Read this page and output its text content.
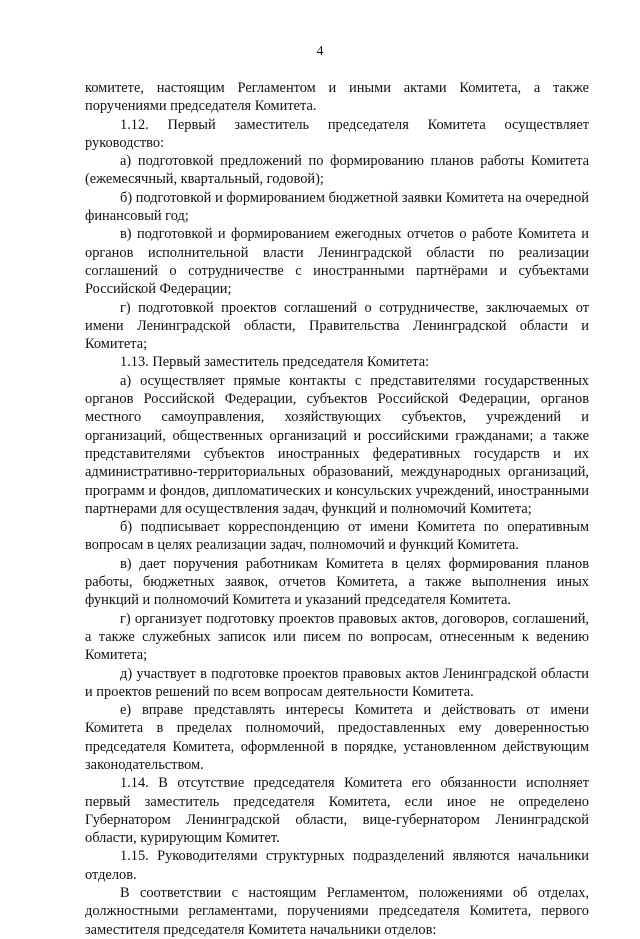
4

комитете, настоящим Регламентом и иными актами Комитета, а также поручениями председателя Комитета.

1.12. Первый заместитель председателя Комитета осуществляет руководство:

а) подготовкой предложений по формированию планов работы Комитета (ежемесячный, квартальный, годовой);

б) подготовкой и формированием бюджетной заявки Комитета на очередной финансовый год;

в) подготовкой и формированием ежегодных отчетов о работе Комитета и органов исполнительной власти Ленинградской области по реализации соглашений о сотрудничестве с иностранными партнёрами и субъектами Российской Федерации;

г) подготовкой проектов соглашений о сотрудничестве, заключаемых от имени Ленинградской области, Правительства Ленинградской области и Комитета;

1.13. Первый заместитель председателя Комитета:

а) осуществляет прямые контакты с представителями государственных органов Российской Федерации, субъектов Российской Федерации, органов местного самоуправления, хозяйствующих субъектов, учреждений и организаций, общественных организаций и российскими гражданами; а также представителями субъектов иностранных федеративных государств и их административно-территориальных образований, международных организаций, программ и фондов, дипломатических и консульских учреждений, иностранными партнерами для осуществления задач, функций и полномочий Комитета;

б) подписывает корреспонденцию от имени Комитета по оперативным вопросам в целях реализации задач, полномочий и функций Комитета.

в) дает поручения работникам Комитета в целях формирования планов работы, бюджетных заявок, отчетов Комитета, а также выполнения иных функций и полномочий Комитета и указаний председателя Комитета.

г) организует подготовку проектов правовых актов, договоров, соглашений, а также служебных записок или писем по вопросам, отнесенным к ведению Комитета;

д) участвует в подготовке проектов правовых актов Ленинградской области и проектов решений по всем вопросам деятельности Комитета.

е) вправе представлять интересы Комитета и действовать от имени Комитета в пределах полномочий, предоставленных ему доверенностью председателя Комитета, оформленной в порядке, установленном действующим законодательством.

1.14. В отсутствие председателя Комитета его обязанности исполняет первый заместитель председателя Комитета, если иное не определено Губернатором Ленинградской области, вице-губернатором Ленинградской области, курирующим Комитет.

1.15. Руководителями структурных подразделений являются начальники отделов.

В соответствии с настоящим Регламентом, положениями об отделах, должностными регламентами, поручениями председателя Комитета, первого заместителя председателя Комитета начальники отделов:
